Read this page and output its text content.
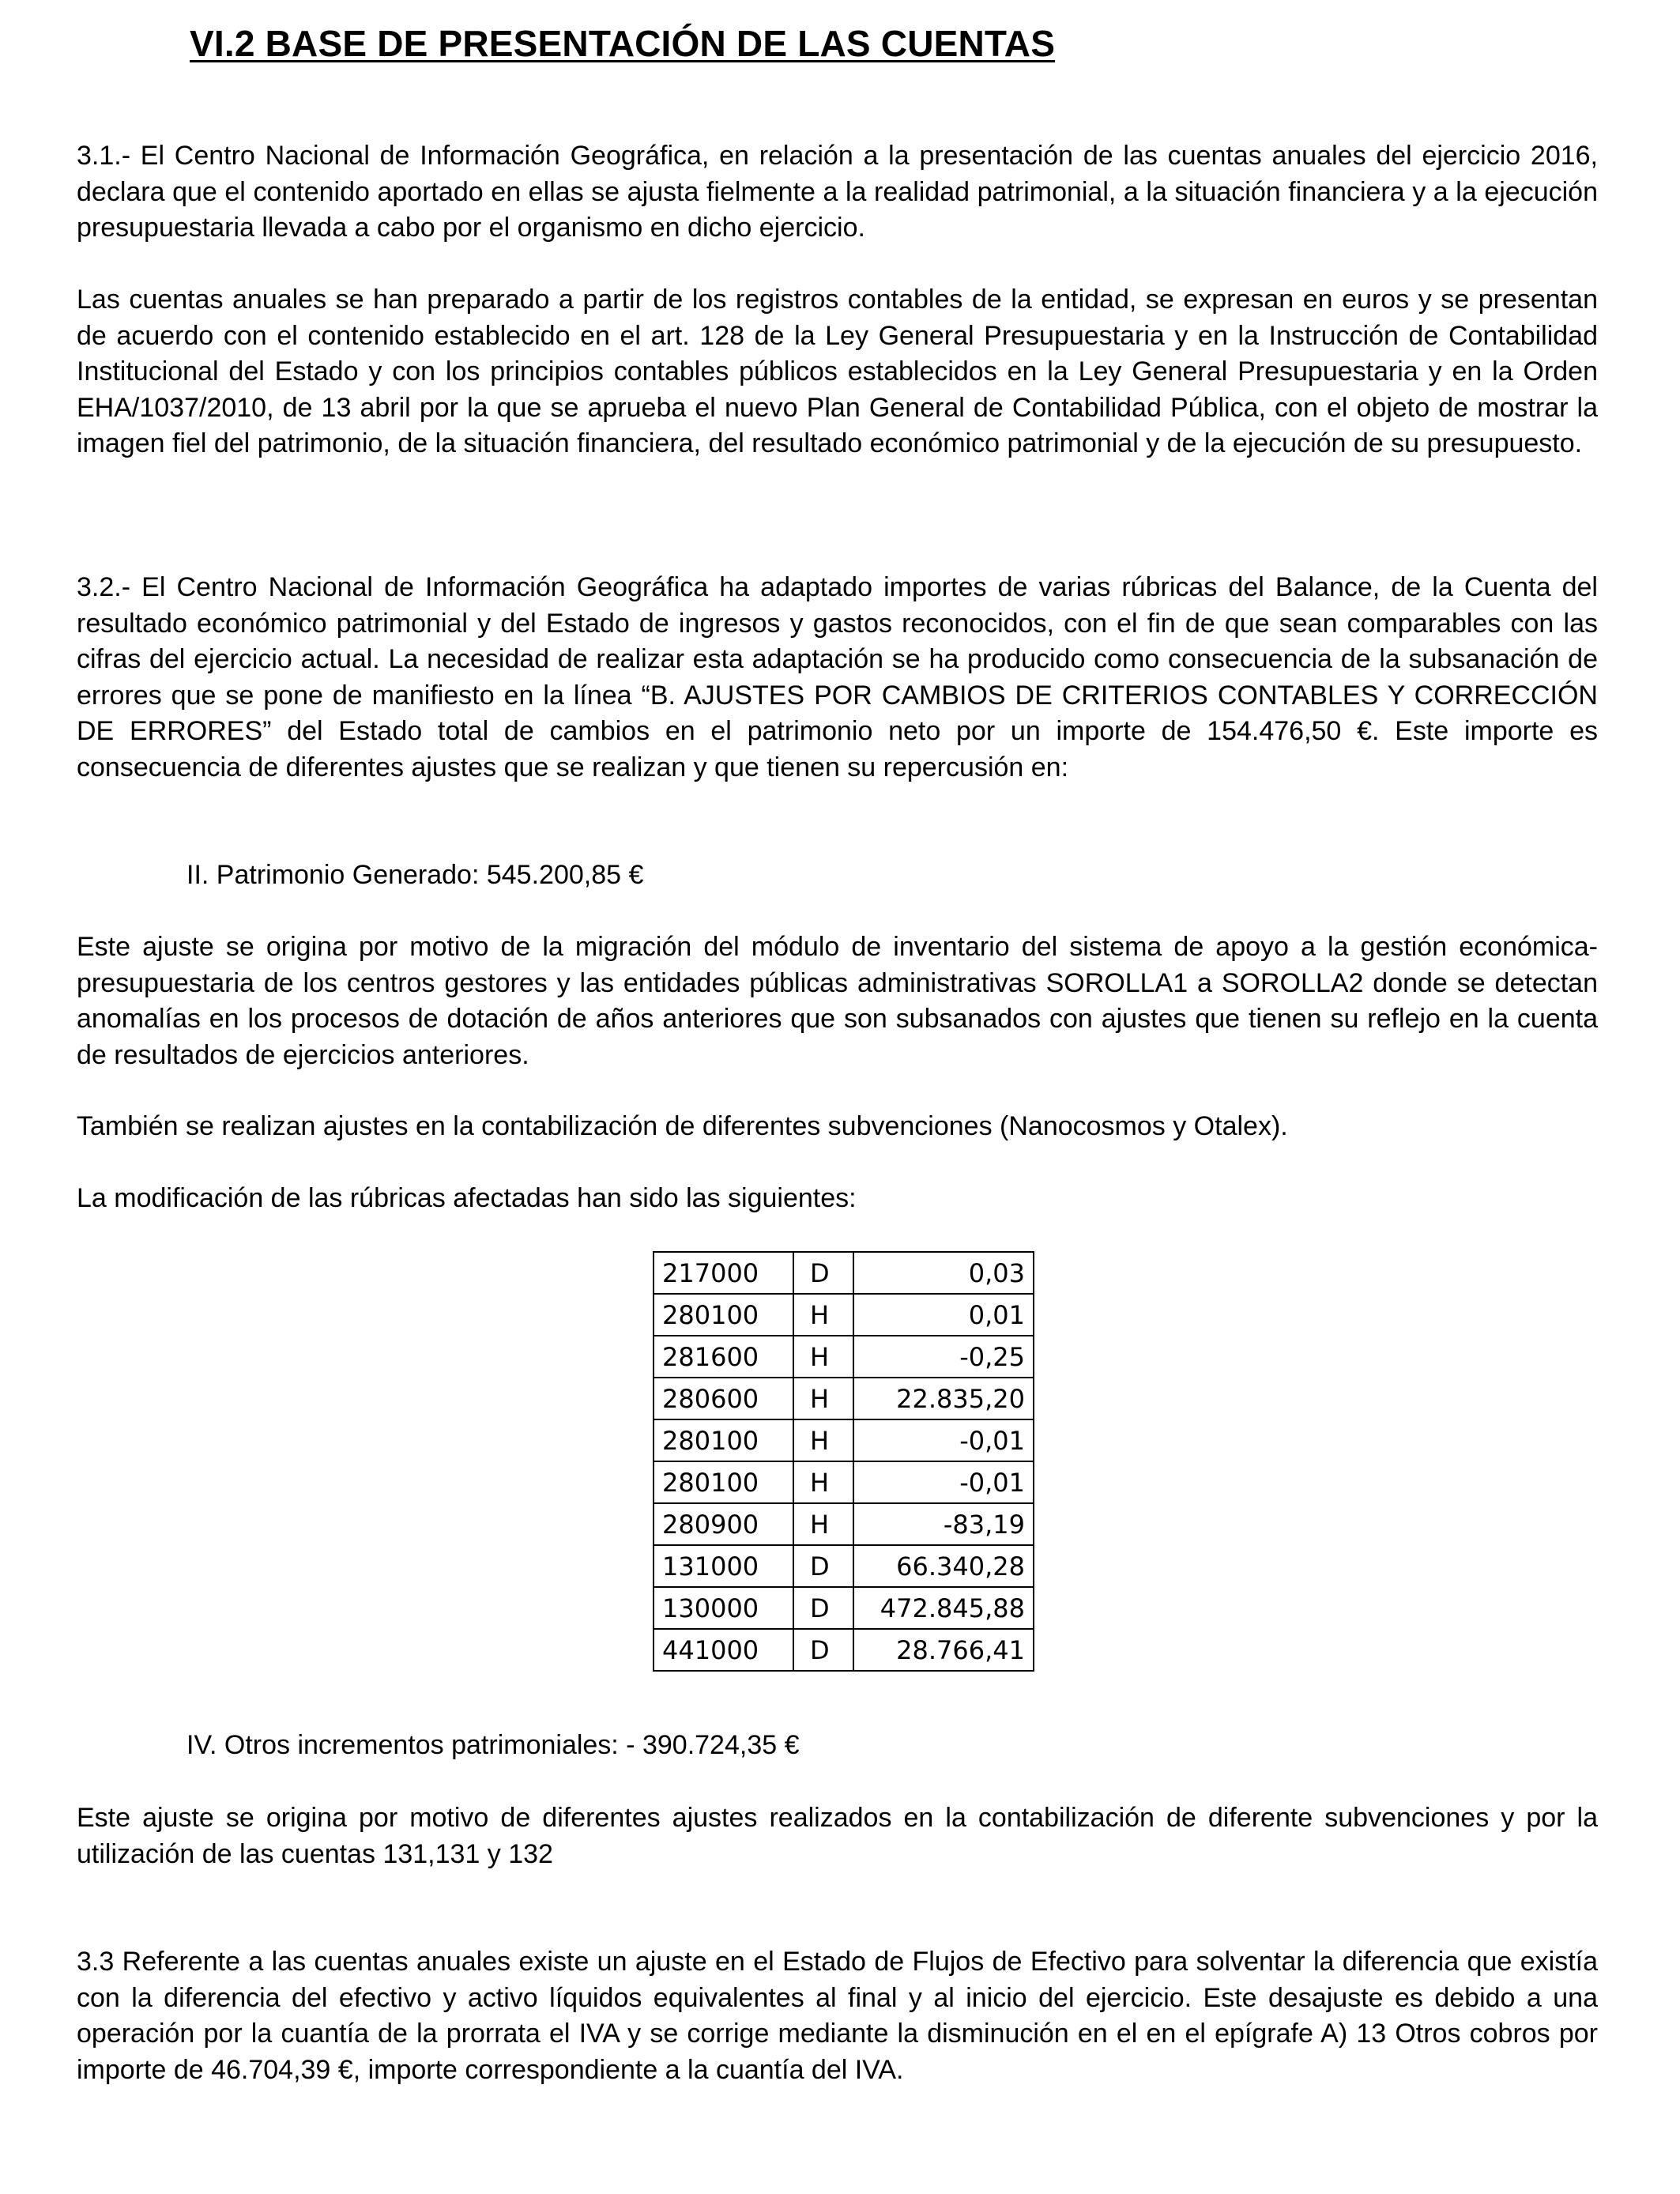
VI.2 BASE DE PRESENTACIÓN DE LAS CUENTAS

3.1.- El Centro Nacional de Información Geográfica, en relación a la presentación de las cuentas anuales del ejercicio 2016, declara que el contenido aportado en ellas se ajusta fielmente a la realidad patrimonial, a la situación financiera y a la ejecución presupuestaria llevada a cabo por el organismo en dicho ejercicio.

Las cuentas anuales se han preparado a partir de los registros contables de la entidad, se expresan en euros y se presentan de acuerdo con el contenido establecido en el art. 128 de la Ley General Presupuestaria y en la Instrucción de Contabilidad Institucional del Estado y con los principios contables públicos establecidos en la Ley General Presupuestaria y en la Orden EHA/1037/2010, de 13 abril por la que se aprueba el nuevo Plan General de Contabilidad Pública, con el objeto de mostrar la imagen fiel del patrimonio, de la situación financiera, del resultado económico patrimonial y de la ejecución de su presupuesto.

3.2.- El Centro Nacional de Información Geográfica ha adaptado importes de varias rúbricas del Balance, de la Cuenta del resultado económico patrimonial y del Estado de ingresos y gastos reconocidos, con el fin de que sean comparables con las cifras del ejercicio actual. La necesidad de realizar esta adaptación se ha producido como consecuencia de la subsanación de errores que se pone de manifiesto en la línea “B. AJUSTES POR CAMBIOS DE CRITERIOS CONTABLES Y CORRECCIÓN DE ERRORES” del Estado total de cambios en el patrimonio neto por un importe de 154.476,50 €. Este importe es consecuencia de diferentes ajustes que se realizan y que tienen su repercusión en:

II. Patrimonio Generado: 545.200,85 €

Este ajuste se origina por motivo de la migración del módulo de inventario del sistema de apoyo a la gestión económica-presupuestaria de los centros gestores y las entidades públicas administrativas SOROLLA1 a SOROLLA2 donde se detectan anomalías en los procesos de dotación de años anteriores que son subsanados con ajustes que tienen su reflejo en la cuenta de resultados de ejercicios anteriores.

También se realizan ajustes en la contabilización de diferentes subvenciones (Nanocosmos y Otalex).

La modificación de las rúbricas afectadas han sido las siguientes:

217000	D	0,03
280100	H	0,01
281600	H	-0,25
280600	H	22.835,20
280100	H	-0,01
280100	H	-0,01
280900	H	-83,19
131000	D	66.340,28
130000	D	472.845,88
441000	D	28.766,41

IV. Otros incrementos patrimoniales: - 390.724,35 €

Este ajuste se origina por motivo de diferentes ajustes realizados en la contabilización de diferente subvenciones y por la utilización de las cuentas 131,131 y 132

3.3 Referente a las cuentas anuales existe un ajuste en el Estado de Flujos de Efectivo para solventar la diferencia que existía con la diferencia del efectivo y activo líquidos equivalentes al final y al inicio del ejercicio. Este desajuste es debido a una operación por la cuantía de la prorrata el IVA y se corrige mediante la disminución en el en el epígrafe A) 13 Otros cobros por importe de 46.704,39 €, importe correspondiente a la cuantía del IVA.
